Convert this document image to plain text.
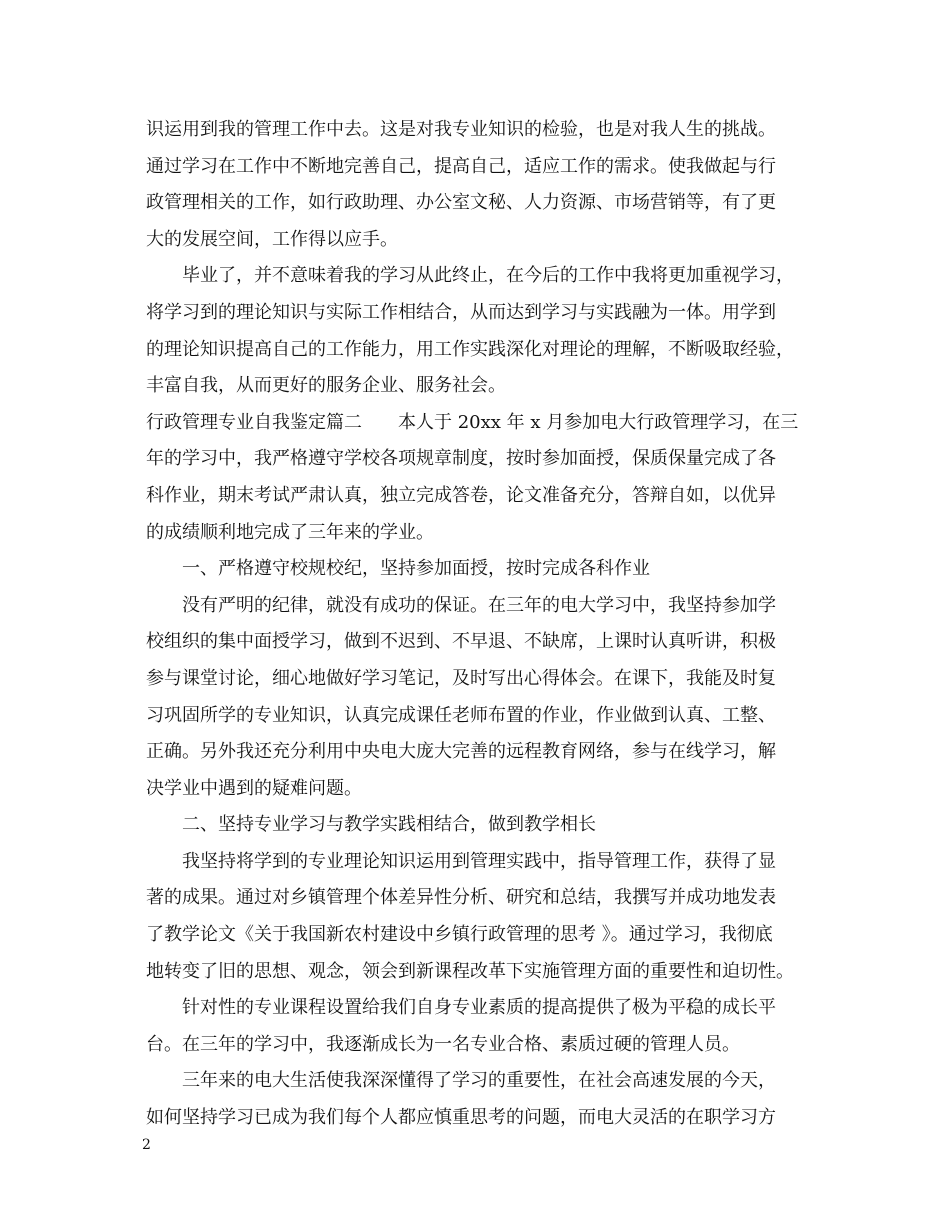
识运用到我的管理工作中去。这是对我专业知识的检验，也是对我人生的挑战。
通过学习在工作中不断地完善自己，提高自己，适应工作的需求。使我做起与行
政管理相关的工作，如行政助理、办公室文秘、人力资源、市场营销等，有了更
大的发展空间，工作得以应手。
毕业了，并不意味着我的学习从此终止，在今后的工作中我将更加重视学习，
将学习到的理论知识与实际工作相结合，从而达到学习与实践融为一体。用学到
的理论知识提高自己的工作能力，用工作实践深化对理论的理解，不断吸取经验，
丰富自我，从而更好的服务企业、服务社会。
行政管理专业自我鉴定篇二　　本人于 20xx 年 x 月参加电大行政管理学习，在三
年的学习中，我严格遵守学校各项规章制度，按时参加面授，保质保量完成了各
科作业，期末考试严肃认真，独立完成答卷，论文准备充分，答辩自如，以优异
的成绩顺利地完成了三年来的学业。
一、严格遵守校规校纪，坚持参加面授，按时完成各科作业
没有严明的纪律，就没有成功的保证。在三年的电大学习中，我坚持参加学
校组织的集中面授学习，做到不迟到、不早退、不缺席，上课时认真听讲，积极
参与课堂讨论，细心地做好学习笔记，及时写出心得体会。在课下，我能及时复
习巩固所学的专业知识，认真完成课任老师布置的作业，作业做到认真、工整、
正确。另外我还充分利用中央电大庞大完善的远程教育网络，参与在线学习，解
决学业中遇到的疑难问题。
二、坚持专业学习与教学实践相结合，做到教学相长
我坚持将学到的专业理论知识运用到管理实践中，指导管理工作，获得了显
著的成果。通过对乡镇管理个体差异性分析、研究和总结，我撰写并成功地发表
了教学论文《关于我国新农村建设中乡镇行政管理的思考 》。通过学习，我彻底
地转变了旧的思想、观念，领会到新课程改革下实施管理方面的重要性和迫切性。
针对性的专业课程设置给我们自身专业素质的提高提供了极为平稳的成长平
台。在三年的学习中，我逐渐成长为一名专业合格、素质过硬的管理人员。
三年来的电大生活使我深深懂得了学习的重要性，在社会高速发展的今天，
如何坚持学习已成为我们每个人都应慎重思考的问题，而电大灵活的在职学习方
2
